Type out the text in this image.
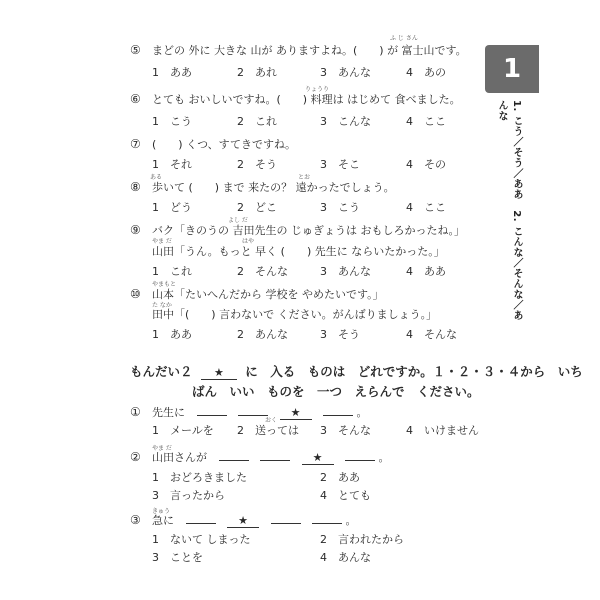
1
1. こう／そう／ああ　2. こんな／そんな／あんな
ふ じ さん
⑤ まどの 外に 大きな 山が ありますよね。(　　) が 富士山です。
1　ああ	2　あれ	3　あんな	4　あの
りょうり
⑥ とても おいしいですね。(　　) 料理は はじめて 食べました。
1　こう	2　これ	3　こんな	4　ここ
⑦ (　　) くつ、すてきですね。
1　それ	2　そう	3　そこ	4　その
ある	とお
⑧ 歩いて (　　) まで 来たの？ 遠かったでしょう。
1　どう	2　どこ	3　こう	4　ここ
よし だ
⑨ バク「きのうの 吉田先生の じゅぎょうは おもしろかったね。」
やま だ	はや
山田「うん。もっと 早く (　　) 先生に ならいたかった。」
1　これ	2　そんな	3　あんな	4　ああ
やまもと
⑩ 山本「たいへんだから 学校を やめたいです。」
た なか
田中「(　　) 言わないで ください。がんばりましょう。」
1　ああ	2　あんな	3　そう	4　そんな
もんだい２ ★ に　入る　ものは　どれですか。１・２・３・４から　いち
ばん　いい　ものを　一つ　えらんで　ください。
① 先生に	★	。
おく
1　メールを 2　送っては 3　そんな	4　いけません
やま だ
② 山田さんが	★	。
1　おどろきました	2　ああ
3　言ったから	4　とても
きゅう
③ 急に	★	。
1　ないて しまった	2　言われたから
3　ことを	4　あんな
